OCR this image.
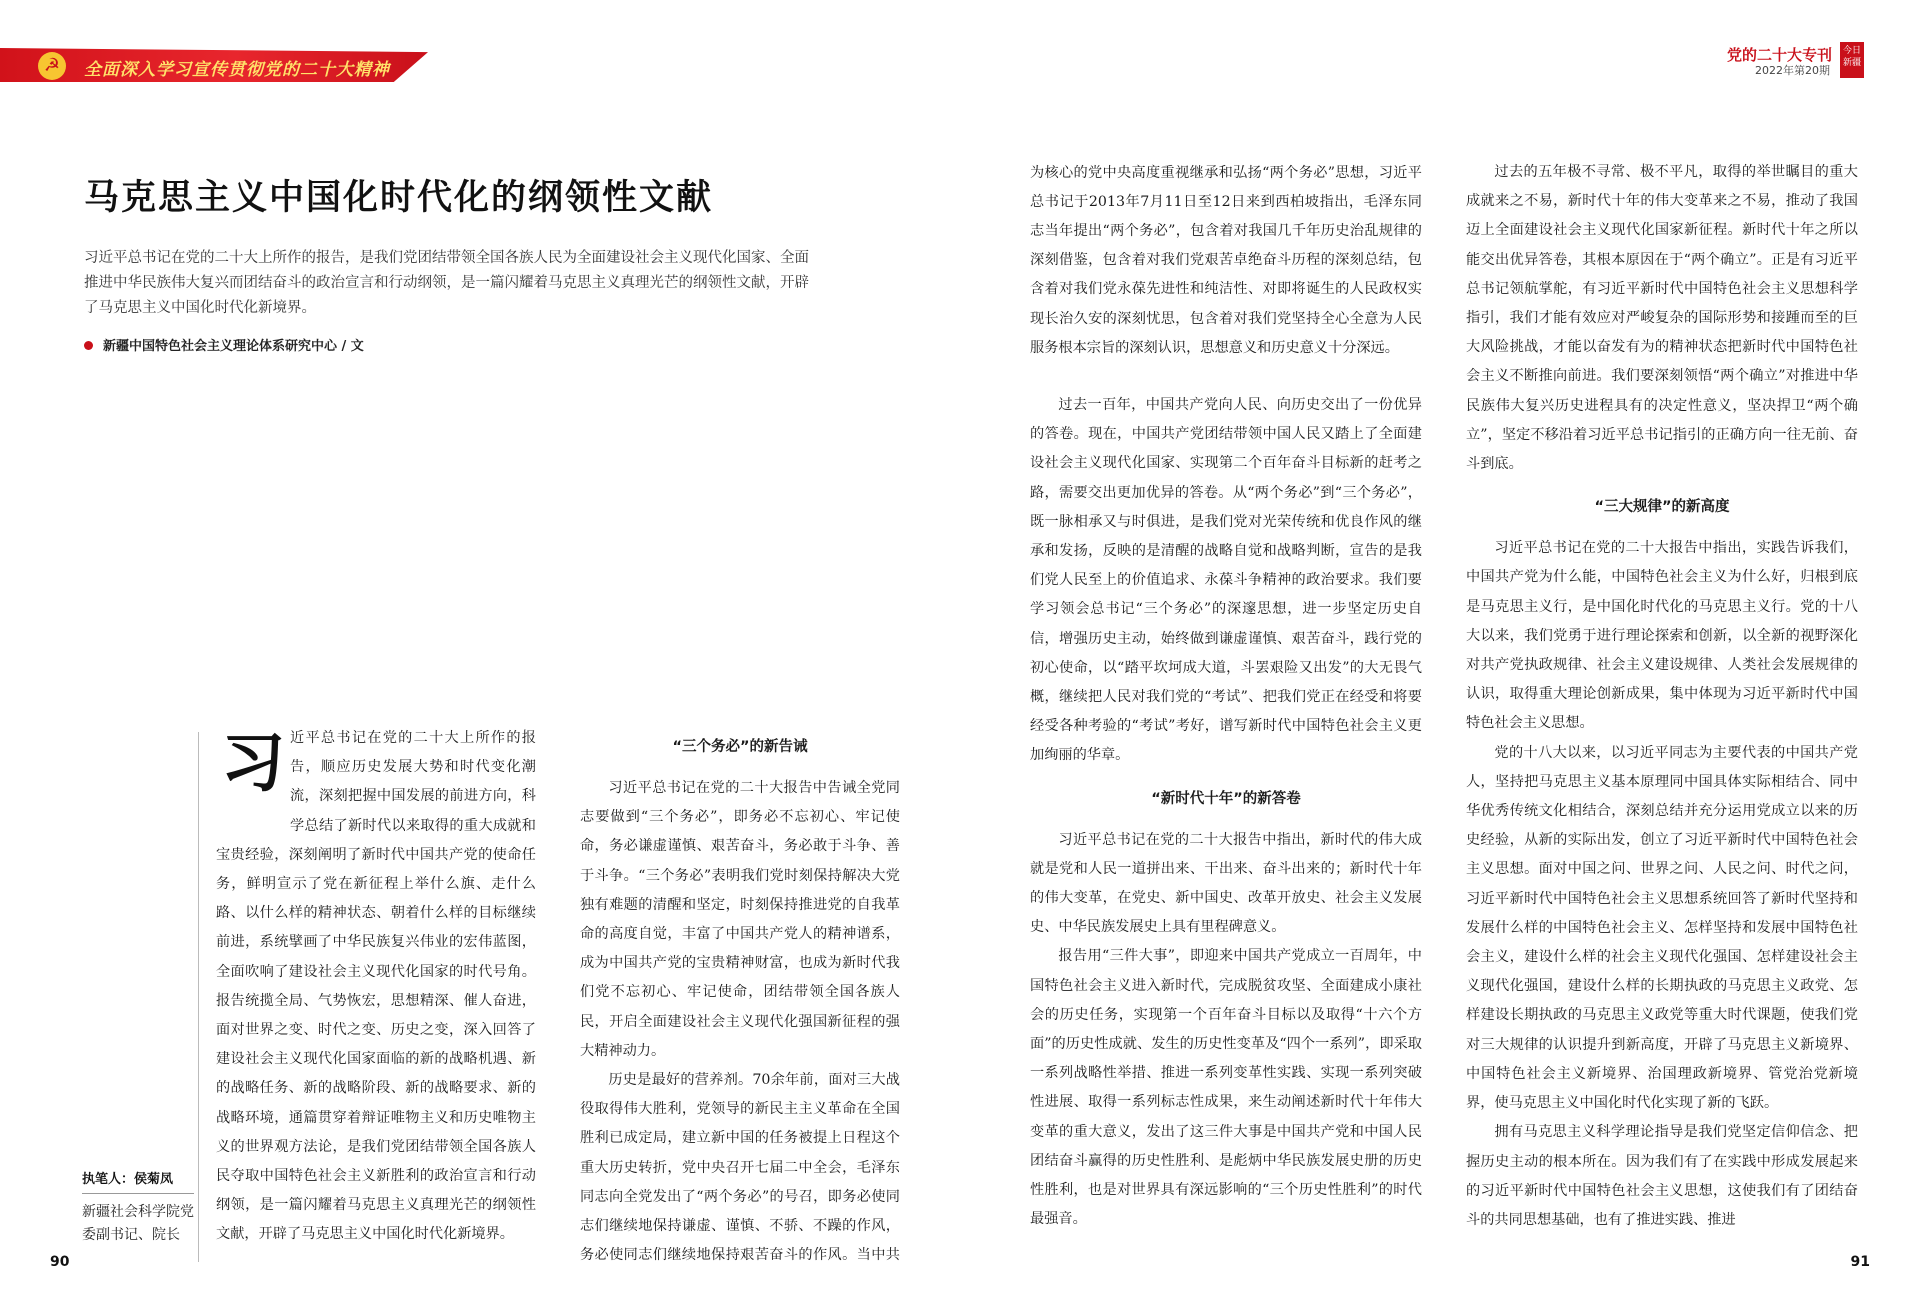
☭	全面深入学习宣传贯彻党的二十大精神
党的二十大专刊
2022年第20期
今日新疆
马克思主义中国化时代化的纲领性文献
习近平总书记在党的二十大上所作的报告，是我们党团结带领全国各族人民为全面建设社会主义现代化国家、全面推进中华民族伟大复兴而团结奋斗的政治宣言和行动纲领，是一篇闪耀着马克思主义真理光芒的纲领性文献，开辟了马克思主义中国化时代化新境界。
新疆中国特色社会主义理论体系研究中心 / 文
执笔人：侯菊凤
新疆社会科学院党委副书记、院长
习 近平总书记在党的二十大上所作的报告，顺应历史发展大势和时代变化潮流，深刻把握中国发展的前进方向，科学总结了新时代以来取得的重大成就和宝贵经验，深刻阐明了新时代中国共产党的使命任务，鲜明宣示了党在新征程上举什么旗、走什么路、以什么样的精神状态、朝着什么样的目标继续前进，系统擘画了中华民族复兴伟业的宏伟蓝图，全面吹响了建设社会主义现代化国家的时代号角。报告统揽全局、气势恢宏，思想精深、催人奋进，面对世界之变、时代之变、历史之变，深入回答了建设社会主义现代化国家面临的新的战略机遇、新的战略任务、新的战略阶段、新的战略要求、新的战略环境，通篇贯穿着辩证唯物主义和历史唯物主义的世界观方法论，是我们党团结带领全国各族人民夺取中国特色社会主义新胜利的政治宣言和行动纲领，是一篇闪耀着马克思主义真理光芒的纲领性文献，开辟了马克思主义中国化时代化新境界。

“三个务必”的新告诫

习近平总书记在党的二十大报告中告诫全党同志要做到“三个务必”，即务必不忘初心、牢记使命，务必谦虚谨慎、艰苦奋斗，务必敢于斗争、善于斗争。“三个务必”表明我们党时刻保持解决大党独有难题的清醒和坚定，时刻保持推进党的自我革命的高度自觉，丰富了中国共产党人的精神谱系，成为中国共产党的宝贵精神财富，也成为新时代我们党不忘初心、牢记使命，团结带领全国各族人民，开启全面建设社会主义现代化强国新征程的强大精神动力。

历史是最好的营养剂。70余年前，面对三大战役取得伟大胜利，党领导的新民主主义革命在全国胜利已成定局，建立新中国的任务被提上日程这个重大历史转折，党中央召开七届二中全会，毛泽东同志向全党发出了“两个务必”的号召，即务必使同志们继续地保持谦虚、谨慎、不骄、不躁的作风，务必使同志们继续地保持艰苦奋斗的作风。当中共

为核心的党中央高度重视继承和弘扬“两个务必”思想，习近平总书记于2013年7月11日至12日来到西柏坡指出，毛泽东同志当年提出“两个务必”，包含着对我国几千年历史治乱规律的深刻借鉴，包含着对我们党艰苦卓绝奋斗历程的深刻总结，包含着对我们党永葆先进性和纯洁性、对即将诞生的人民政权实现长治久安的深刻忧思，包含着对我们党坚持全心全意为人民服务根本宗旨的深刻认识，思想意义和历史意义十分深远。

过去一百年，中国共产党向人民、向历史交出了一份优异的答卷。现在，中国共产党团结带领中国人民又踏上了全面建设社会主义现代化国家、实现第二个百年奋斗目标新的赶考之路，需要交出更加优异的答卷。从“两个务必”到“三个务必”，既一脉相承又与时俱进，是我们党对光荣传统和优良作风的继承和发扬，反映的是清醒的战略自觉和战略判断，宣告的是我们党人民至上的价值追求、永葆斗争精神的政治要求。我们要学习领会总书记“三个务必”的深邃思想，进一步坚定历史自信，增强历史主动，始终做到谦虚谨慎、艰苦奋斗，践行党的初心使命，以“踏平坎坷成大道，斗罢艰险又出发”的大无畏气概，继续把人民对我们党的“考试”、把我们党正在经受和将要经受各种考验的“考试”考好，谱写新时代中国特色社会主义更加绚丽的华章。

“新时代十年”的新答卷

习近平总书记在党的二十大报告中指出，新时代的伟大成就是党和人民一道拼出来、干出来、奋斗出来的；新时代十年的伟大变革，在党史、新中国史、改革开放史、社会主义发展史、中华民族发展史上具有里程碑意义。

报告用“三件大事”，即迎来中国共产党成立一百周年，中国特色社会主义进入新时代，完成脱贫攻坚、全面建成小康社会的历史任务，实现第一个百年奋斗目标以及取得“十六个方面”的历史性成就、发生的历史性变革及“四个一系列”，即采取一系列战略性举措、推进一系列变革性实践、实现一系列突破性进展、取得一系列标志性成果，来生动阐述新时代十年伟大变革的重大意义，发出了这三件大事是中国共产党和中国人民团结奋斗赢得的历史性胜利、是彪炳中华民族发展史册的历史性胜利，也是对世界具有深远影响的“三个历史性胜利”的时代最强音。

过去的五年极不寻常、极不平凡，取得的举世瞩目的重大成就来之不易，新时代十年的伟大变革来之不易，推动了我国迈上全面建设社会主义现代化国家新征程。新时代十年之所以能交出优异答卷，其根本原因在于“两个确立”。正是有习近平总书记领航掌舵，有习近平新时代中国特色社会主义思想科学指引，我们才能有效应对严峻复杂的国际形势和接踵而至的巨大风险挑战，才能以奋发有为的精神状态把新时代中国特色社会主义不断推向前进。我们要深刻领悟“两个确立”对推进中华民族伟大复兴历史进程具有的决定性意义，坚决捍卫“两个确立”，坚定不移沿着习近平总书记指引的正确方向一往无前、奋斗到底。

“三大规律”的新高度

习近平总书记在党的二十大报告中指出，实践告诉我们，中国共产党为什么能，中国特色社会主义为什么好，归根到底是马克思主义行，是中国化时代化的马克思主义行。党的十八大以来，我们党勇于进行理论探索和创新，以全新的视野深化对共产党执政规律、社会主义建设规律、人类社会发展规律的认识，取得重大理论创新成果，集中体现为习近平新时代中国特色社会主义思想。

党的十八大以来，以习近平同志为主要代表的中国共产党人，坚持把马克思主义基本原理同中国具体实际相结合、同中华优秀传统文化相结合，深刻总结并充分运用党成立以来的历史经验，从新的实际出发，创立了习近平新时代中国特色社会主义思想。面对中国之问、世界之问、人民之问、时代之问，习近平新时代中国特色社会主义思想系统回答了新时代坚持和发展什么样的中国特色社会主义、怎样坚持和发展中国特色社会主义，建设什么样的社会主义现代化强国、怎样建设社会主义现代化强国，建设什么样的长期执政的马克思主义政党、怎样建设长期执政的马克思主义政党等重大时代课题，使我们党对三大规律的认识提升到新高度，开辟了马克思主义新境界、中国特色社会主义新境界、治国理政新境界、管党治党新境界，使马克思主义中国化时代化实现了新的飞跃。

拥有马克思主义科学理论指导是我们党坚定信仰信念、把握历史主动的根本所在。因为我们有了在实践中形成发展起来的习近平新时代中国特色社会主义思想，这使我们有了团结奋斗的共同思想基础，也有了推进实践、推进

90	91
